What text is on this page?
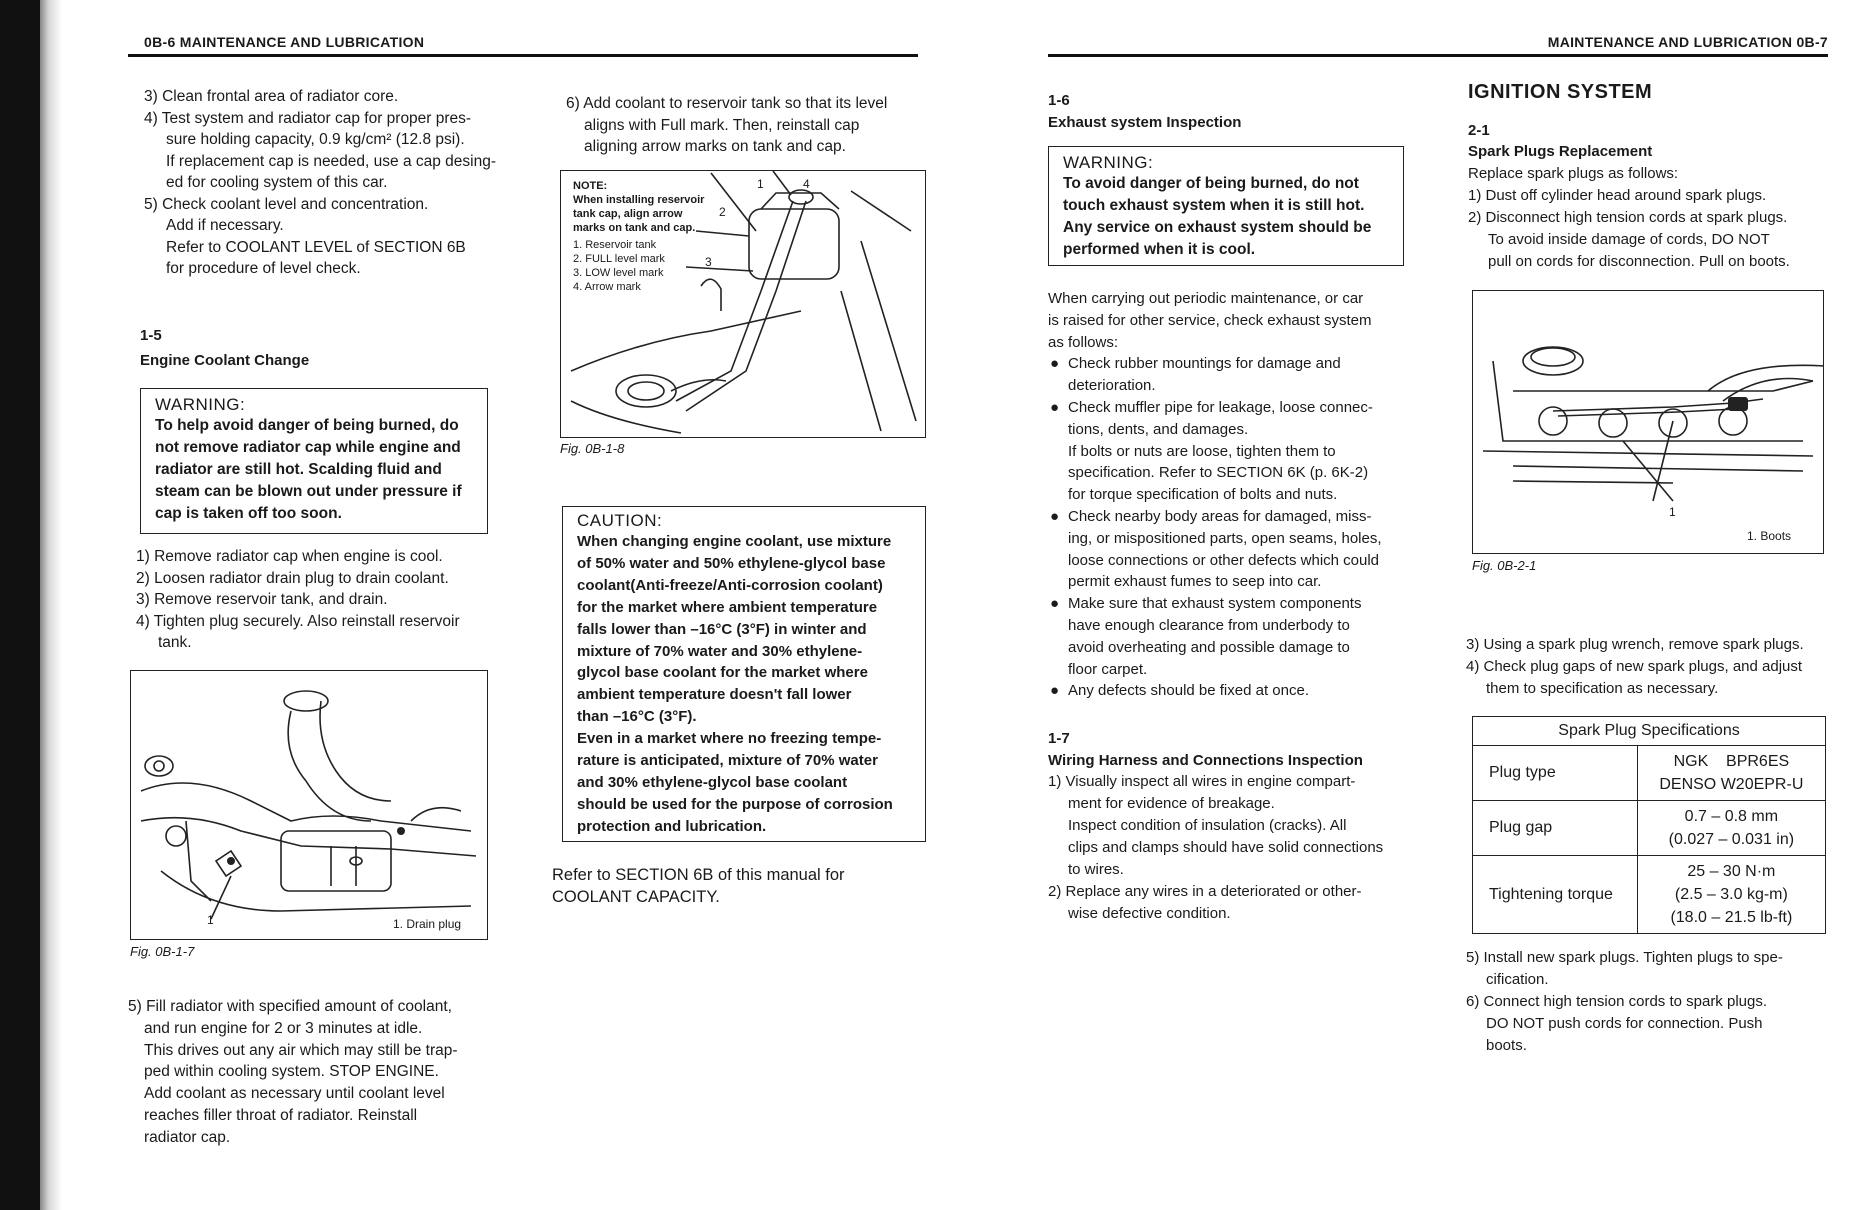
0B-6 MAINTENANCE AND LUBRICATION
3) Clean frontal area of radiator core.
4) Test system and radiator cap for proper pres-
sure holding capacity, 0.9 kg/cm² (12.8 psi).
If replacement cap is needed, use a cap desing-
ed for cooling system of this car.
5) Check coolant level and concentration.
Add if necessary.
Refer to COOLANT LEVEL of SECTION 6B
for procedure of level check.
1-5
Engine Coolant Change
WARNING:
To help avoid danger of being burned, do
not remove radiator cap while engine and
radiator are still hot. Scalding fluid and
steam can be blown out under pressure if
cap is taken off too soon.
1) Remove radiator cap when engine is cool.
2) Loosen radiator drain plug to drain coolant.
3) Remove reservoir tank, and drain.
4) Tighten plug securely. Also reinstall reservoir
tank.
1	1. Drain plug
Fig. 0B-1-7
5) Fill radiator with specified amount of coolant,
and run engine for 2 or 3 minutes at idle.
This drives out any air which may still be trap-
ped within cooling system. STOP ENGINE.
Add coolant as necessary until coolant level
reaches filler throat of radiator. Reinstall
radiator cap.
6) Add coolant to reservoir tank so that its level
aligns with Full mark. Then, reinstall cap
aligning arrow marks on tank and cap.
NOTE:
When installing reservoir
tank cap, align arrow
marks on tank and cap.
1. Reservoir tank
2. FULL level mark
3. LOW level mark
4. Arrow mark
1	4
2
3
Fig. 0B-1-8
CAUTION:
When changing engine coolant, use mixture
of 50% water and 50% ethylene-glycol base
coolant(Anti-freeze/Anti-corrosion coolant)
for the market where ambient temperature
falls lower than –16°C (3°F) in winter and
mixture of 70% water and 30% ethylene-
glycol base coolant for the market where
ambient temperature doesn't fall lower
than –16°C (3°F).
Even in a market where no freezing tempe-
rature is anticipated, mixture of 70% water
and 30% ethylene-glycol base coolant
should be used for the purpose of corrosion
protection and lubrication.
Refer to SECTION 6B of this manual for
COOLANT CAPACITY.
MAINTENANCE AND LUBRICATION 0B-7
1-6
Exhaust system Inspection
WARNING:
To avoid danger of being burned, do not
touch exhaust system when it is still hot.
Any service on exhaust system should be
performed when it is cool.
When carrying out periodic maintenance, or car
is raised for other service, check exhaust system
as follows:
● Check rubber mountings for damage and
deterioration.
● Check muffler pipe for leakage, loose connec-
tions, dents, and damages.
If bolts or nuts are loose, tighten them to
specification. Refer to SECTION 6K (p. 6K-2)
for torque specification of bolts and nuts.
● Check nearby body areas for damaged, miss-
ing, or mispositioned parts, open seams, holes,
loose connections or other defects which could
permit exhaust fumes to seep into car.
● Make sure that exhaust system components
have enough clearance from underbody to
avoid overheating and possible damage to
floor carpet.
● Any defects should be fixed at once.
1-7
Wiring Harness and Connections Inspection
1) Visually inspect all wires in engine compart-
ment for evidence of breakage.
Inspect condition of insulation (cracks). All
clips and clamps should have solid connections
to wires.
2) Replace any wires in a deteriorated or other-
wise defective condition.
IGNITION SYSTEM
2-1
Spark Plugs Replacement
Replace spark plugs as follows:
1) Dust off cylinder head around spark plugs.
2) Disconnect high tension cords at spark plugs.
To avoid inside damage of cords, DO NOT
pull on cords for disconnection. Pull on boots.
1
1. Boots
Fig. 0B-2-1
3) Using a spark plug wrench, remove spark plugs.
4) Check plug gaps of new spark plugs, and adjust
them to specification as necessary.
Spark Plug Specifications	
Plug type	NGK    BPR6ES
DENSO W20EPR-U

Plug gap	0.7 – 0.8 mm
(0.027 – 0.031 in)

Tightening torque	25 – 30 N·m
(2.5 – 3.0 kg-m)
(18.0 – 21.5 lb-ft)
5) Install new spark plugs. Tighten plugs to spe-
cification.
6) Connect high tension cords to spark plugs.
DO NOT push cords for connection. Push
boots.
